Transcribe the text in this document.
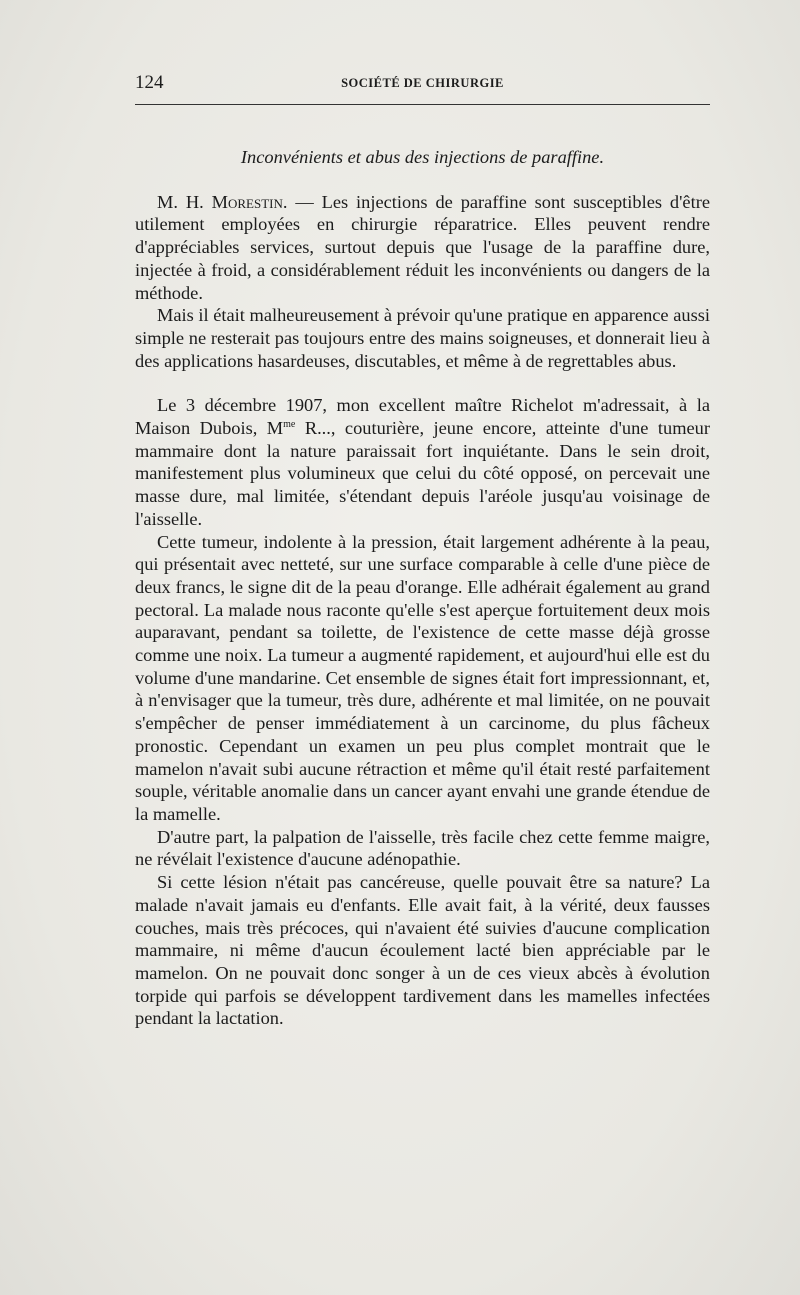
124	SOCIÉTÉ DE CHIRURGIE
Inconvénients et abus des injections de paraffine.

M. H. Morestin. — Les injections de paraffine sont susceptibles d'être utilement employées en chirurgie réparatrice. Elles peuvent rendre d'appréciables services, surtout depuis que l'usage de la paraffine dure, injectée à froid, a considérablement réduit les inconvénients ou dangers de la méthode.

Mais il était malheureusement à prévoir qu'une pratique en apparence aussi simple ne resterait pas toujours entre des mains soigneuses, et donnerait lieu à des applications hasardeuses, discutables, et même à de regrettables abus.

Le 3 décembre 1907, mon excellent maître Richelot m'adressait, à la Maison Dubois, $M^{me}$ R..., couturière, jeune encore, atteinte d'une tumeur mammaire dont la nature paraissait fort inquiétante. Dans le sein droit, manifestement plus volumineux que celui du côté opposé, on percevait une masse dure, mal limitée, s'étendant depuis l'aréole jusqu'au voisinage de l'aisselle.

Cette tumeur, indolente à la pression, était largement adhérente à la peau, qui présentait avec netteté, sur une surface comparable à celle d'une pièce de deux francs, le signe dit de la peau d'orange. Elle adhérait également au grand pectoral. La malade nous raconte qu'elle s'est aperçue fortuitement deux mois auparavant, pendant sa toilette, de l'existence de cette masse déjà grosse comme une noix. La tumeur a augmenté rapidement, et aujourd'hui elle est du volume d'une mandarine. Cet ensemble de signes était fort impressionnant, et, à n'envisager que la tumeur, très dure, adhérente et mal limitée, on ne pouvait s'empêcher de penser immédiatement à un carcinome, du plus fâcheux pronostic. Cependant un examen un peu plus complet montrait que le mamelon n'avait subi aucune rétraction et même qu'il était resté parfaitement souple, véritable anomalie dans un cancer ayant envahi une grande étendue de la mamelle.

D'autre part, la palpation de l'aisselle, très facile chez cette femme maigre, ne révélait l'existence d'aucune adénopathie.

Si cette lésion n'était pas cancéreuse, quelle pouvait être sa nature? La malade n'avait jamais eu d'enfants. Elle avait fait, à la vérité, deux fausses couches, mais très précoces, qui n'avaient été suivies d'aucune complication mammaire, ni même d'aucun écoulement lacté bien appréciable par le mamelon. On ne pouvait donc songer à un de ces vieux abcès à évolution torpide qui parfois se développent tardivement dans les mamelles infectées pendant la lactation.
